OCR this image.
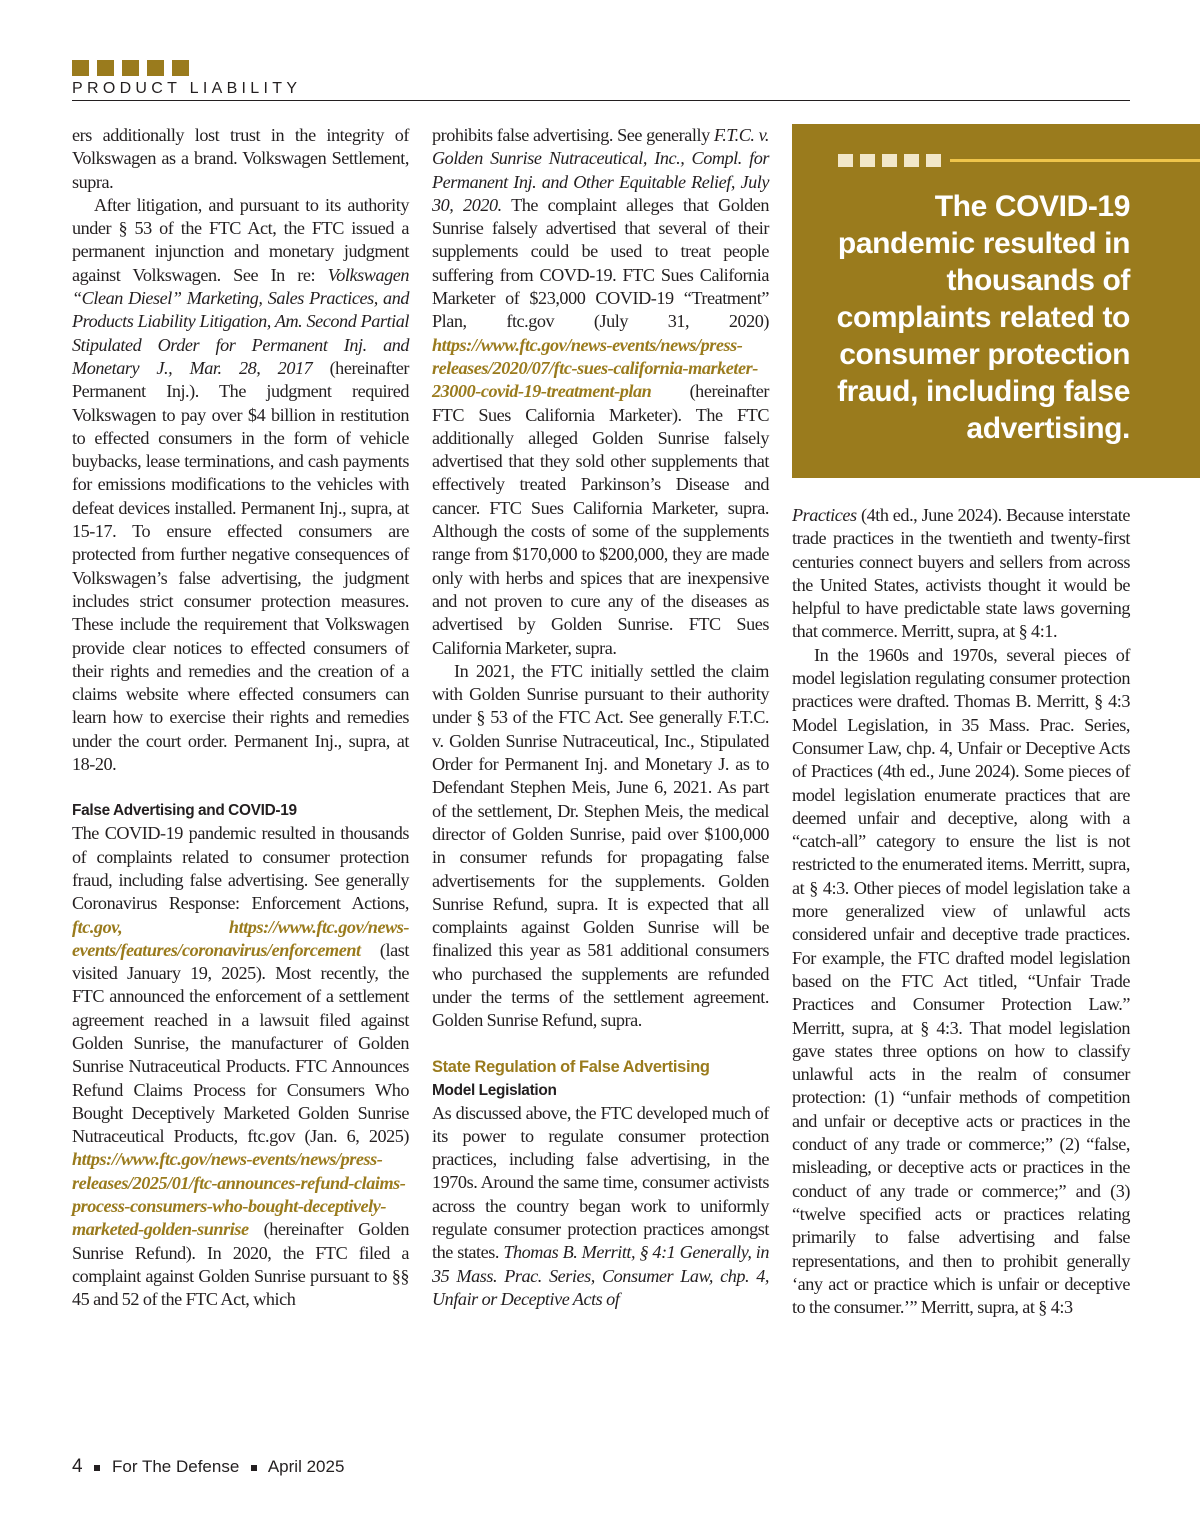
PRODUCT LIABILITY

ers additionally lost trust in the integrity of Volkswagen as a brand. Volkswagen Settlement, supra.

After litigation, and pursuant to its authority under § 53 of the FTC Act, the FTC issued a permanent injunction and monetary judgment against Volkswagen. See In re: Volkswagen “Clean Diesel” Marketing, Sales Practices, and Products Liability Litigation, Am. Second Partial Stipulated Order for Permanent Inj. and Monetary J., Mar. 28, 2017 (hereinafter Permanent Inj.). The judgment required Volkswagen to pay over $4 billion in restitution to effected consumers in the form of vehicle buybacks, lease terminations, and cash payments for emissions modifications to the vehicles with defeat devices installed. Permanent Inj., supra, at 15-17. To ensure effected consumers are protected from further negative consequences of Volkswagen’s false advertising, the judgment includes strict consumer protection measures. These include the requirement that Volkswagen provide clear notices to effected consumers of their rights and remedies and the creation of a claims website where effected consumers can learn how to exercise their rights and remedies under the court order. Permanent Inj., supra, at 18-20.

False Advertising and COVID-19

The COVID-19 pandemic resulted in thousands of complaints related to consumer protection fraud, including false advertising. See generally Coronavirus Response: Enforcement Actions, ftc.gov, https://www.ftc.gov/news-events/features/coronavirus/enforcement (last visited January 19, 2025). Most recently, the FTC announced the enforcement of a settlement agreement reached in a lawsuit filed against Golden Sunrise, the manufacturer of Golden Sunrise Nutraceutical Products. FTC Announces Refund Claims Process for Consumers Who Bought Deceptively Marketed Golden Sunrise Nutraceutical Products, ftc.gov (Jan. 6, 2025) https://www.ftc.gov/news-events/news/press-releases/2025/01/ftc-announces-refund-claims-process-consumers-who-bought-deceptively-marketed-golden-sunrise (hereinafter Golden Sunrise Refund). In 2020, the FTC filed a complaint against Golden Sunrise pursuant to §§ 45 and 52 of the FTC Act, which

prohibits false advertising. See generally F.T.C. v. Golden Sunrise Nutraceutical, Inc., Compl. for Permanent Inj. and Other Equitable Relief, July 30, 2020. The complaint alleges that Golden Sunrise falsely advertised that several of their supplements could be used to treat people suffering from COVD-19. FTC Sues California Marketer of $23,000 COVID-19 “Treatment” Plan, ftc.gov (July 31, 2020) https://www.ftc.gov/news-events/news/press-releases/2020/07/ftc-sues-california-marketer-23000-covid-19-treatment-plan (hereinafter FTC Sues California Marketer). The FTC additionally alleged Golden Sunrise falsely advertised that they sold other supplements that effectively treated Parkinson’s Disease and cancer. FTC Sues California Marketer, supra. Although the costs of some of the supplements range from $170,000 to $200,000, they are made only with herbs and spices that are inexpensive and not proven to cure any of the diseases as advertised by Golden Sunrise. FTC Sues California Marketer, supra.

In 2021, the FTC initially settled the claim with Golden Sunrise pursuant to their authority under § 53 of the FTC Act. See generally F.T.C. v. Golden Sunrise Nutraceutical, Inc., Stipulated Order for Permanent Inj. and Monetary J. as to Defendant Stephen Meis, June 6, 2021. As part of the settlement, Dr. Stephen Meis, the medical director of Golden Sunrise, paid over $100,000 in consumer refunds for propagating false advertisements for the supplements. Golden Sunrise Refund, supra. It is expected that all complaints against Golden Sunrise will be finalized this year as 581 additional consumers who purchased the supplements are refunded under the terms of the settlement agreement. Golden Sunrise Refund, supra.

State Regulation of False Advertising

Model Legislation

As discussed above, the FTC developed much of its power to regulate consumer protection practices, including false advertising, in the 1970s. Around the same time, consumer activists across the country began work to uniformly regulate consumer protection practices amongst the states. Thomas B. Merritt, § 4:1 Generally, in 35 Mass. Prac. Series, Consumer Law, chp. 4, Unfair or Deceptive Acts of

The COVID-19 pandemic resulted in thousands of complaints related to consumer protection fraud, including false advertising.

Practices (4th ed., June 2024). Because interstate trade practices in the twentieth and twenty-first centuries connect buyers and sellers from across the United States, activists thought it would be helpful to have predictable state laws governing that commerce. Merritt, supra, at § 4:1.

In the 1960s and 1970s, several pieces of model legislation regulating consumer protection practices were drafted. Thomas B. Merritt, § 4:3 Model Legislation, in 35 Mass. Prac. Series, Consumer Law, chp. 4, Unfair or Deceptive Acts of Practices (4th ed., June 2024). Some pieces of model legislation enumerate practices that are deemed unfair and deceptive, along with a “catch-all” category to ensure the list is not restricted to the enumerated items. Merritt, supra, at § 4:3. Other pieces of model legislation take a more generalized view of unlawful acts considered unfair and deceptive trade practices. For example, the FTC drafted model legislation based on the FTC Act titled, “Unfair Trade Practices and Consumer Protection Law.” Merritt, supra, at § 4:3. That model legislation gave states three options on how to classify unlawful acts in the realm of consumer protection: (1) “unfair methods of competition and unfair or deceptive acts or practices in the conduct of any trade or commerce;” (2) “false, misleading, or deceptive acts or practices in the conduct of any trade or commerce;” and (3) “twelve specified acts or practices relating primarily to false advertising and false representations, and then to prohibit generally ‘any act or practice which is unfair or deceptive to the consumer.’” Merritt, supra, at § 4:3

4 For The Defense April 2025
